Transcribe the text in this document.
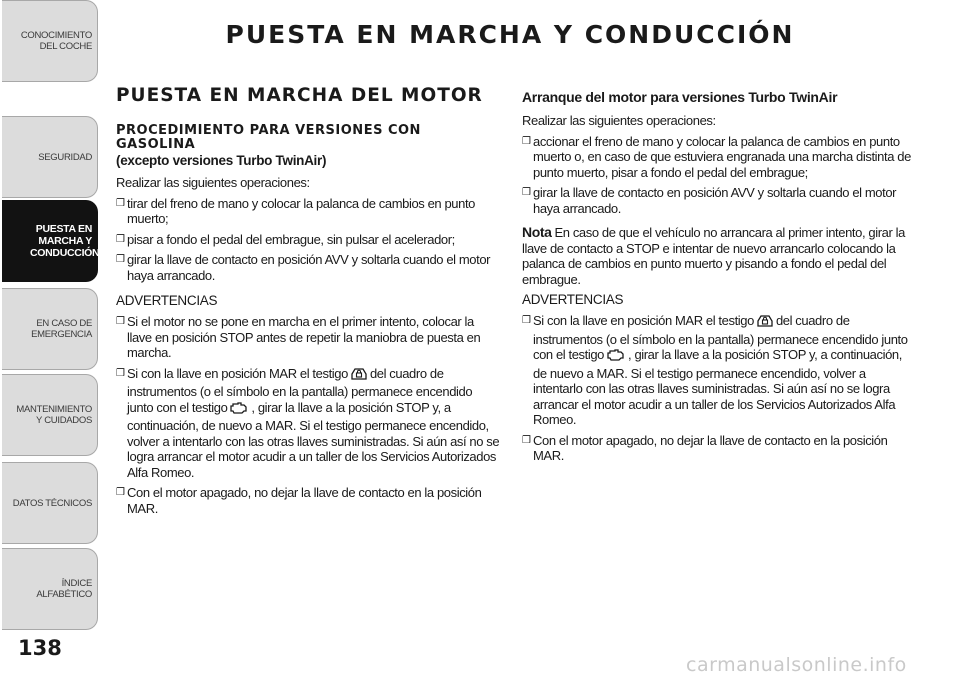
CONOCIMIENTO DEL COCHE
SEGURIDAD
PUESTA EN MARCHA Y CONDUCCIÓN
EN CASO DE EMERGENCIA
MANTENIMIENTO Y CUIDADOS
DATOS TÉCNICOS
ÍNDICE ALFABÉTICO
138
PUESTA EN MARCHA Y CONDUCCIÓN
PUESTA EN MARCHA DEL MOTOR
PROCEDIMIENTO PARA VERSIONES CON GASOLINA
(excepto versiones Turbo TwinAir)
Realizar las siguientes operaciones:
❒ tirar del freno de mano y colocar la palanca de cambios en punto muerto;
❒ pisar a fondo el pedal del embrague, sin pulsar el acelerador;
❒ girar la llave de contacto en posición AVV y soltarla cuando el motor haya arrancado.
ADVERTENCIAS
❒ Si el motor no se pone en marcha en el primer intento, colocar la llave en posición STOP antes de repetir la maniobra de puesta en marcha.
❒ Si con la llave en posición MAR el testigo del cuadro de instrumentos (o el símbolo en la pantalla) permanece encendido junto con el testigo , girar la llave a la posición STOP y, a continuación, de nuevo a MAR. Si el testigo permanece encendido, volver a intentarlo con las otras llaves suministradas. Si aún así no se logra arrancar el motor acudir a un taller de los Servicios Autorizados Alfa Romeo.
❒ Con el motor apagado, no dejar la llave de contacto en la posición MAR.
Arranque del motor para versiones Turbo TwinAir
Realizar las siguientes operaciones:
❒ accionar el freno de mano y colocar la palanca de cambios en punto muerto o, en caso de que estuviera engranada una marcha distinta de punto muerto, pisar a fondo el pedal del embrague;
❒ girar la llave de contacto en posición AVV y soltarla cuando el motor haya arrancado.
Nota En caso de que el vehículo no arrancara al primer intento, girar la llave de contacto a STOP e intentar de nuevo arrancarlo colocando la palanca de cambios en punto muerto y pisando a fondo el pedal del embrague.
ADVERTENCIAS
❒ Si con la llave en posición MAR el testigo del cuadro de instrumentos (o el símbolo en la pantalla) permanece encendido junto con el testigo , girar la llave a la posición STOP y, a continuación, de nuevo a MAR. Si el testigo permanece encendido, volver a intentarlo con las otras llaves suministradas. Si aún así no se logra arrancar el motor acudir a un taller de los Servicios Autorizados Alfa Romeo.
❒ Con el motor apagado, no dejar la llave de contacto en la posición MAR.
carmanualsonline.info
